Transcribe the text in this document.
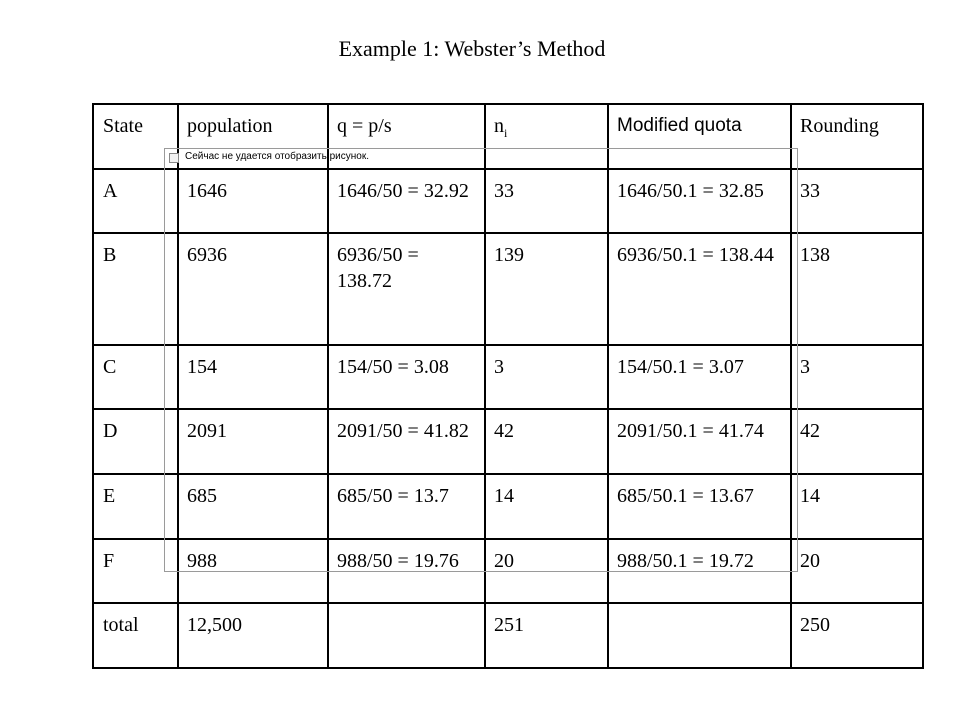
Example 1: Webster’s Method
State	population	q = p/s	$n_i$	Modified quota	Rounding
A	1646	1646/50 = 32.92	33	1646/50.1 = 32.85	33
B	6936	6936/50 = 138.72	139	6936/50.1 = 138.44	138
C	154	154/50 = 3.08	3	154/50.1 = 3.07	3
D	2091	2091/50 = 41.82	42	2091/50.1 = 41.74	42
E	685	685/50 = 13.7	14	685/50.1 = 13.67	14
F	988	988/50 = 19.76	20	988/50.1 = 19.72	20
total	12,500		251		250
Сейчас не удается отобразить рисунок.
